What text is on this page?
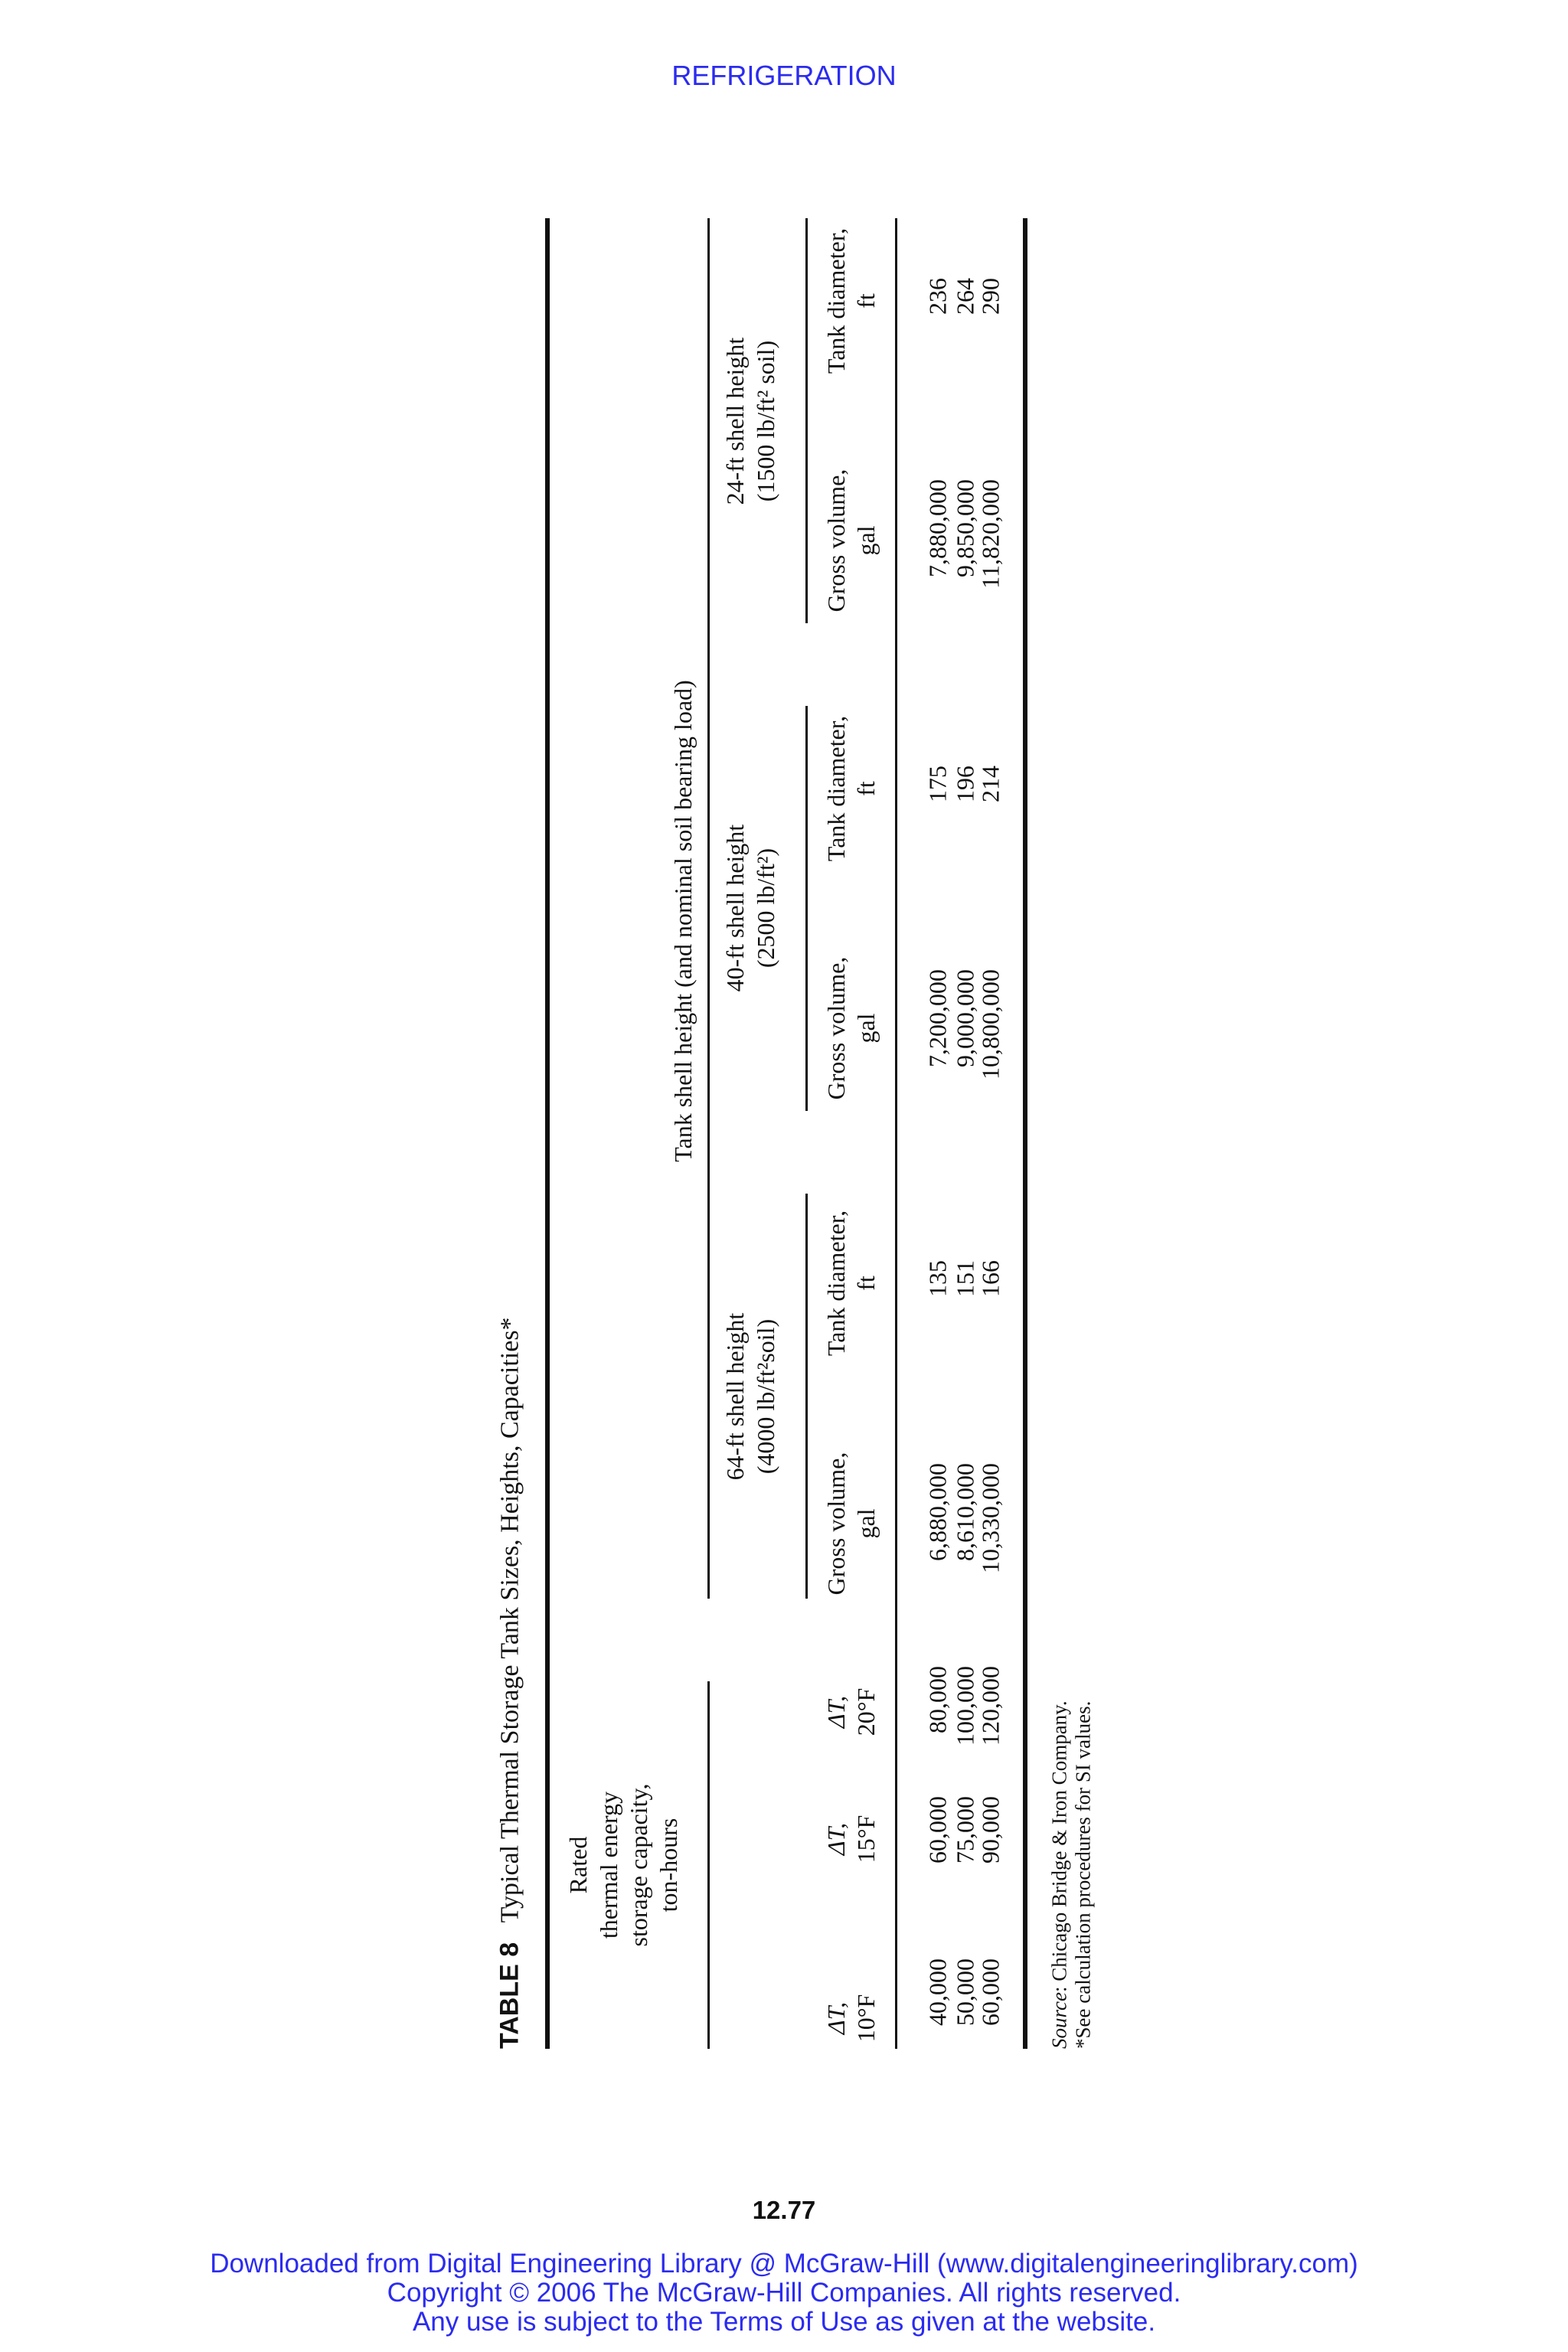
REFRIGERATION
TABLE 8   Typical Thermal Storage Tank Sizes, Heights, Capacities* Rated thermal energy storage capacity, ton-hours
Tank shell height (and nominal soil bearing load)
64-ft shell height (4000 lb/ft²soil)
40-ft shell height (2500 lb/ft²)
24-ft shell height (1500 lb/ft² soil)
ΔT, 10°F
ΔT, 15°F
ΔT, 20°F
Gross volume, gal
Tank diameter, ft
Gross volume, gal
Tank diameter, ft
Gross volume, gal
Tank diameter, ft
40,000
60,000
80,000
6,880,000
135
7,200,000
175
7,880,000
236
50,000
75,000
100,000
8,610,000
151
9,000,000
196
9,850,000
264
60,000
90,000
120,000
10,330,000
166
10,800,000
214
11,820,000
290
Source: Chicago Bridge & Iron Company. *See calculation procedures for SI values.
12.77
Downloaded from Digital Engineering Library @ McGraw-Hill (www.digitalengineeringlibrary.com)
Copyright © 2006 The McGraw-Hill Companies. All rights reserved.
Any use is subject to the Terms of Use as given at the website.
